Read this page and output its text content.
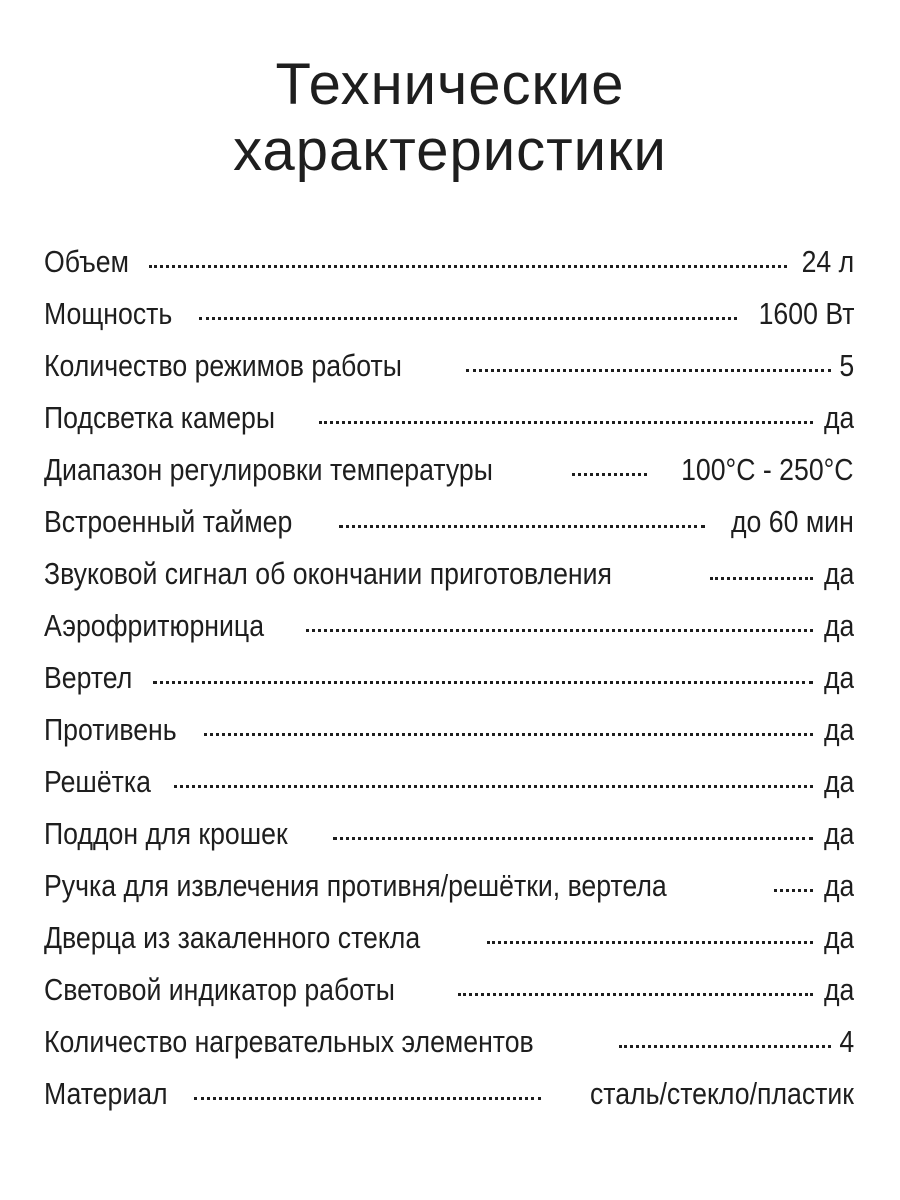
Технические
характеристики
Объем	24 л
Мощность	1600 Вт
Количество режимов работы	5
Подсветка камеры	да
Диапазон регулировки температуры	100°C - 250°C
Встроенный таймер	до 60 мин
Звуковой сигнал об окончании приготовления	да
Аэрофритюрница	да
Вертел	да
Противень	да
Решётка	да
Поддон для крошек	да
Ручка для извлечения противня/решётки, вертела	да
Дверца из закаленного стекла	да
Световой индикатор работы	да
Количество нагревательных элементов	4
Материал	сталь/стекло/пластик
